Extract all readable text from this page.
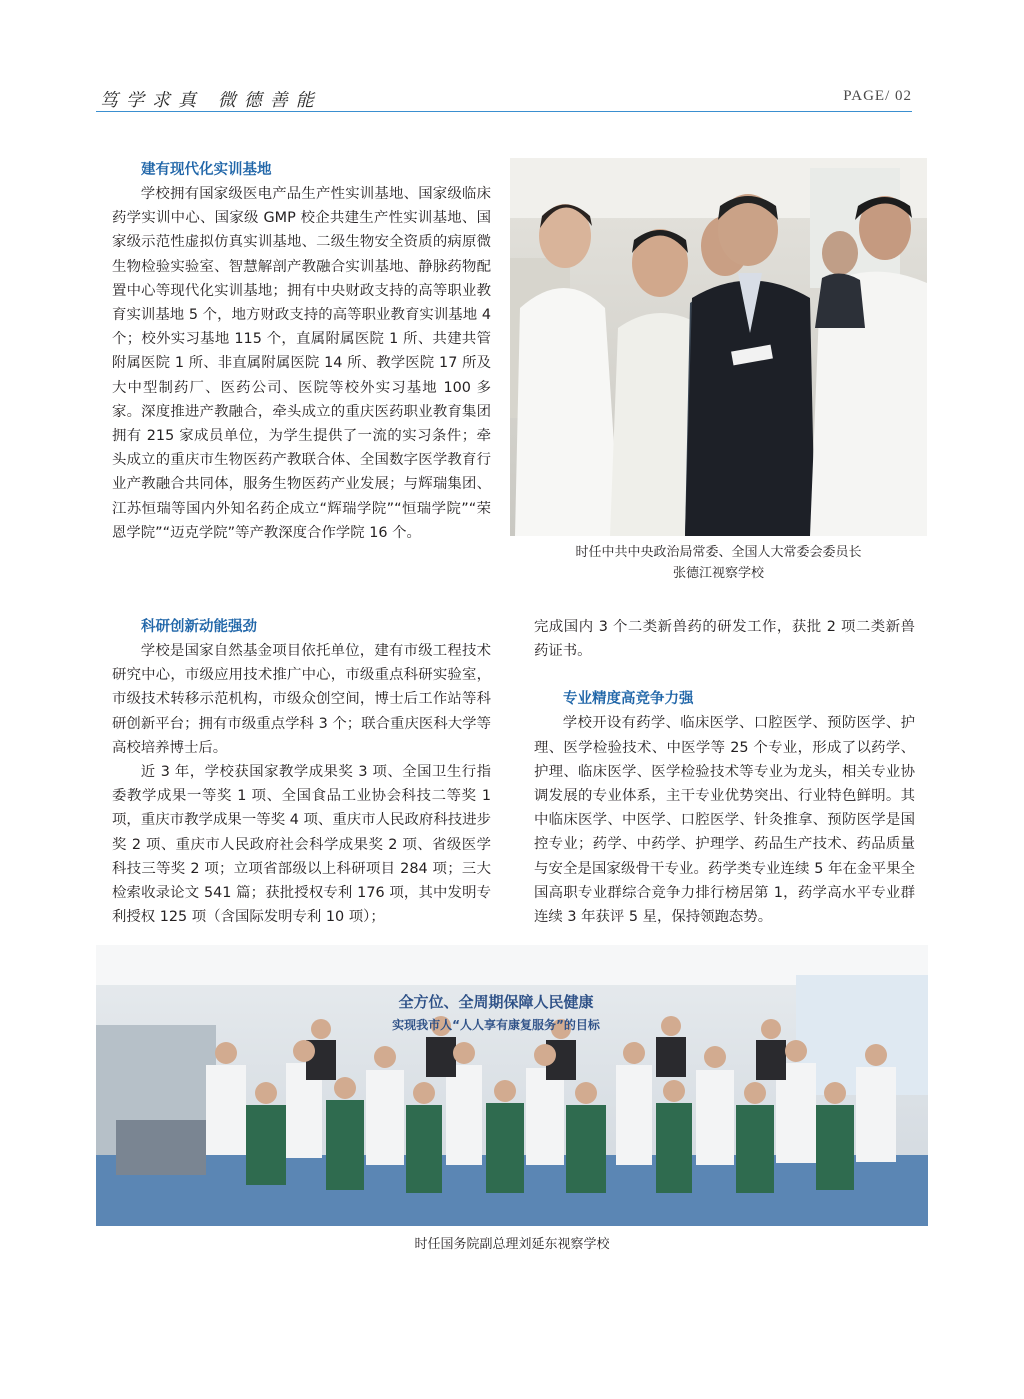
笃学求真 微德善能	PAGE/ 02
建有现代化实训基地

学校拥有国家级医电产品生产性实训基地、国家级临床药学实训中心、国家级 GMP 校企共建生产性实训基地、国家级示范性虚拟仿真实训基地、二级生物安全资质的病原微生物检验实验室、智慧解剖产教融合实训基地、静脉药物配置中心等现代化实训基地；拥有中央财政支持的高等职业教育实训基地 5 个，地方财政支持的高等职业教育实训基地 4 个；校外实习基地 115 个，直属附属医院 1 所、共建共管附属医院 1 所、非直属附属医院 14 所、教学医院 17 所及大中型制药厂、医药公司、医院等校外实习基地 100 多家。深度推进产教融合，牵头成立的重庆医药职业教育集团拥有 215 家成员单位，为学生提供了一流的实习条件；牵头成立的重庆市生物医药产教联合体、全国数字医学教育行业产教融合共同体，服务生物医药产业发展；与辉瑞集团、江苏恒瑞等国内外知名药企成立“辉瑞学院”“恒瑞学院”“荣恩学院”“迈克学院”等产教深度合作学院 16 个。

时任中共中央政治局常委、全国人大常委会委员长
张德江视察学校
科研创新动能强劲

学校是国家自然基金项目依托单位，建有市级工程技术研究中心，市级应用技术推广中心，市级重点科研实验室，市级技术转移示范机构，市级众创空间，博士后工作站等科研创新平台；拥有市级重点学科 3 个；联合重庆医科大学等高校培养博士后。

近 3 年，学校获国家教学成果奖 3 项、全国卫生行指委教学成果一等奖 1 项、全国食品工业协会科技二等奖 1 项，重庆市教学成果一等奖 4 项、重庆市人民政府科技进步奖 2 项、重庆市人民政府社会科学成果奖 2 项、省级医学科技三等奖 2 项；立项省部级以上科研项目 284 项；三大检索收录论文 541 篇；获批授权专利 176 项，其中发明专利授权 125 项（含国际发明专利 10 项）；

完成国内 3 个二类新兽药的研发工作，获批 2 项二类新兽药证书。
专业精度高竞争力强

学校开设有药学、临床医学、口腔医学、预防医学、护理、医学检验技术、中医学等 25 个专业，形成了以药学、护理、临床医学、医学检验技术等专业为龙头，相关专业协调发展的专业体系，主干专业优势突出、行业特色鲜明。其中临床医学、中医学、口腔医学、针灸推拿、预防医学是国控专业；药学、中药学、护理学、药品生产技术、药品质量与安全是国家级骨干专业。药学类专业连续 5 年在金平果全国高职专业群综合竞争力排行榜居第 1，药学高水平专业群连续 3 年获评 5 星，保持领跑态势。

全方位、全周期保障人民健康
实现我市人“人人享有康复服务”的目标
时任国务院副总理刘延东视察学校
